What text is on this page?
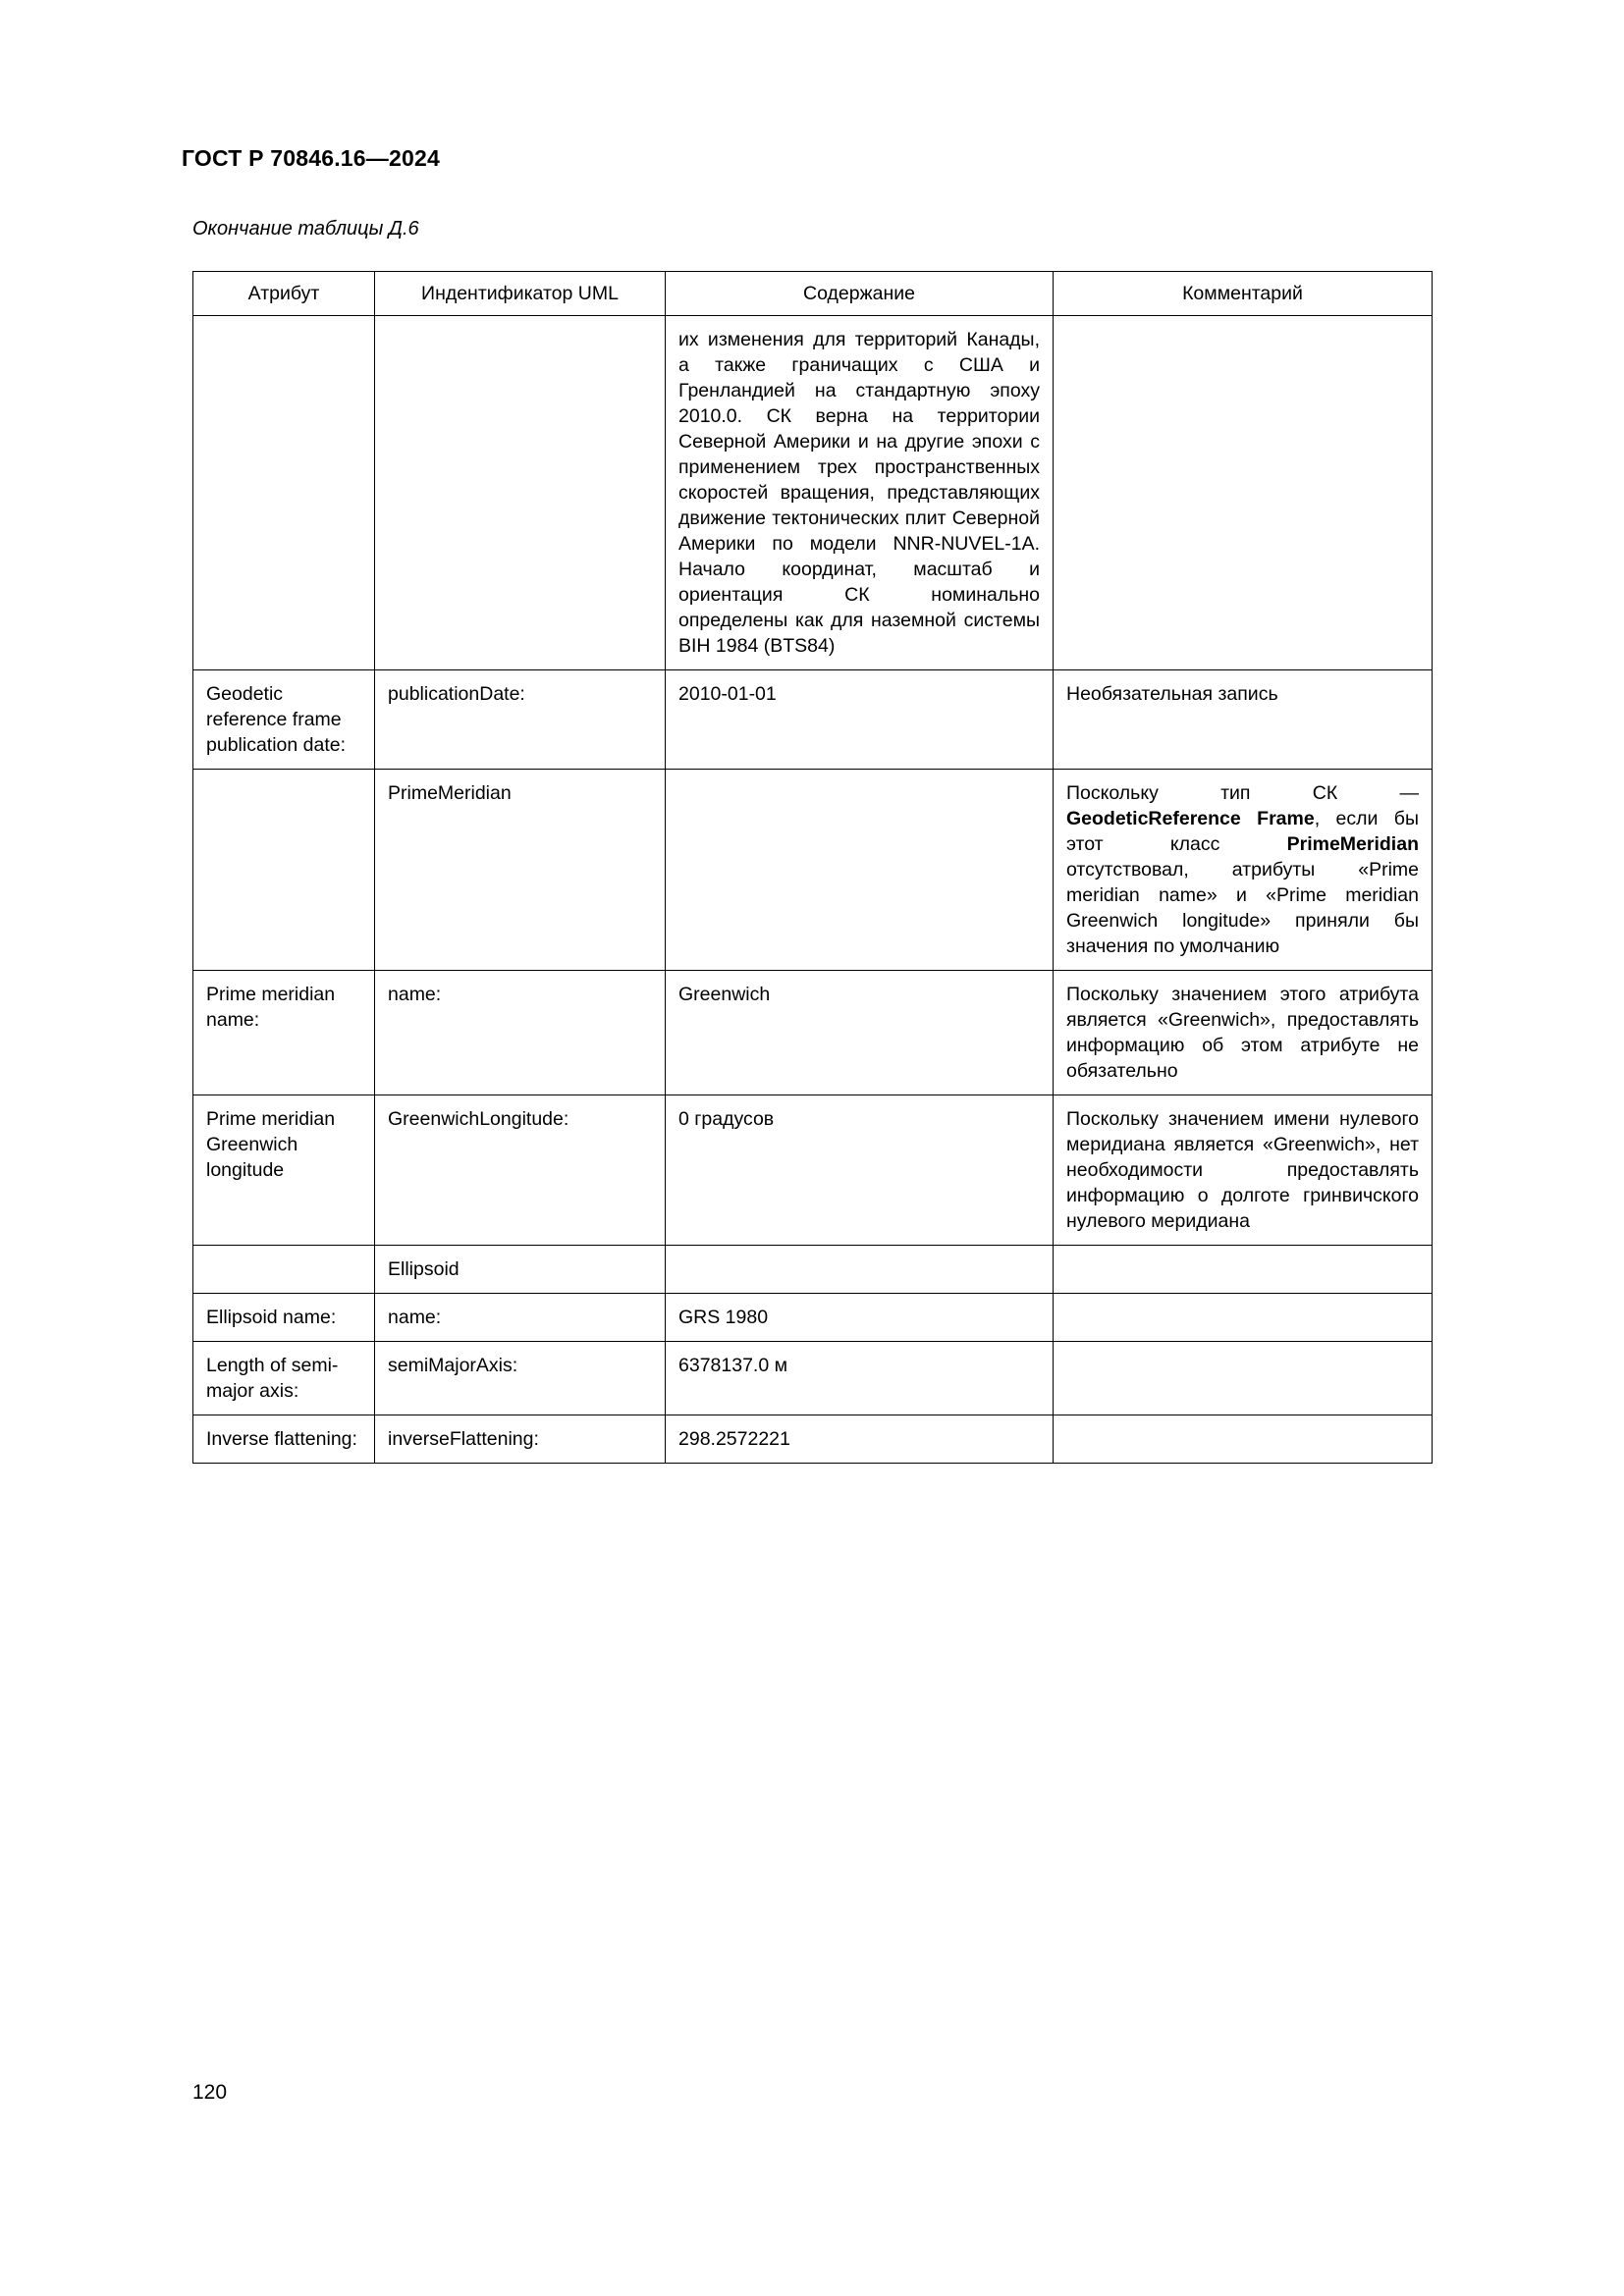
ГОСТ Р 70846.16—2024
Окончание таблицы Д.6
Атрибут	Индентификатор UML	Содержание	Комментарий
		их изменения для территорий Канады, а также граничащих с США и Гренландией на стандартную эпоху 2010.0. СК верна на территории Северной Америки и на другие эпохи с применением трех пространственных скоростей вращения, представляющих движение тектонических плит Северной Америки по модели NNR-NUVEL-1A. Начало координат, масштаб и ориентация СК номинально определены как для наземной системы BIH 1984 (BTS84)	
Geodetic reference frame publication date:	publicationDate:	2010-01-01	Необязательная запись
	PrimeMeridian		Поскольку тип СК — GeodeticReference Frame, если бы этот класс PrimeMeridian отсутствовал, атрибуты «Prime meridian name» и «Prime meridian Greenwich longitude» приняли бы значения по умолчанию
Prime meridian name:	name:	Greenwich	Поскольку значением этого атрибута является «Greenwich», предоставлять информацию об этом атрибуте не обязательно
Prime meridian Greenwich longitude	GreenwichLongitude:	0 градусов	Поскольку значением имени нулевого меридиана является «Greenwich», нет необходимости предоставлять информацию о долготе гринвичского нулевого меридиана
	Ellipsoid		
Ellipsoid name:	name:	GRS 1980	
Length of semi-major axis:	semiMajorAxis:	6378137.0 м	
Inverse flattening:	inverseFlattening:	298.2572221	
120
